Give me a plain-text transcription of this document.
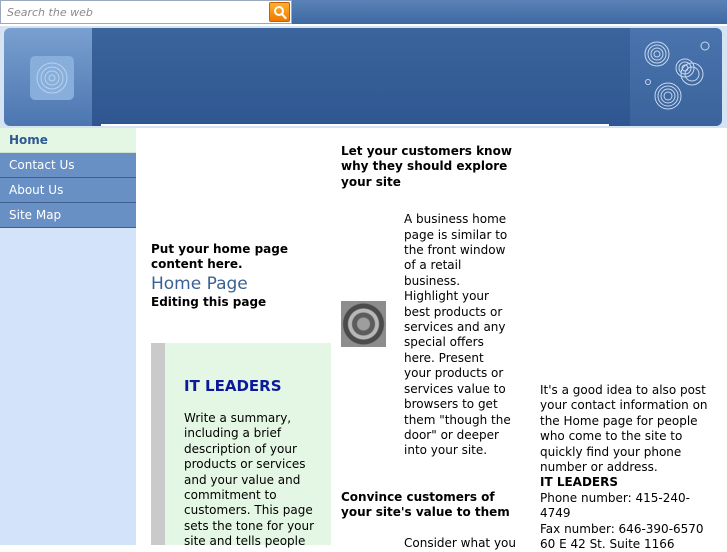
Search the web
Home
Contact Us
About Us
Site Map
Put your home page content here.
Home Page
Editing this page
IT LEADERS

Write a summary, including a brief description of your products or services and your value and commitment to customers. This page sets the tone for your site and tells people

Let your customers know why they should explore your site
A business home page is similar to the front window of a retail business. Highlight your best products or services and any special offers here. Present your products or services value to browsers to get them "though the door" or deeper into your site.
Convince customers of your site's value to them
Consider what you
It's a good idea to also post your contact information on the Home page for people who come to the site to quickly find your phone number or address.
IT LEADERS
Phone number: 415-240-4749
Fax number: 646-390-6570
60 E 42 St. Suite 1166
